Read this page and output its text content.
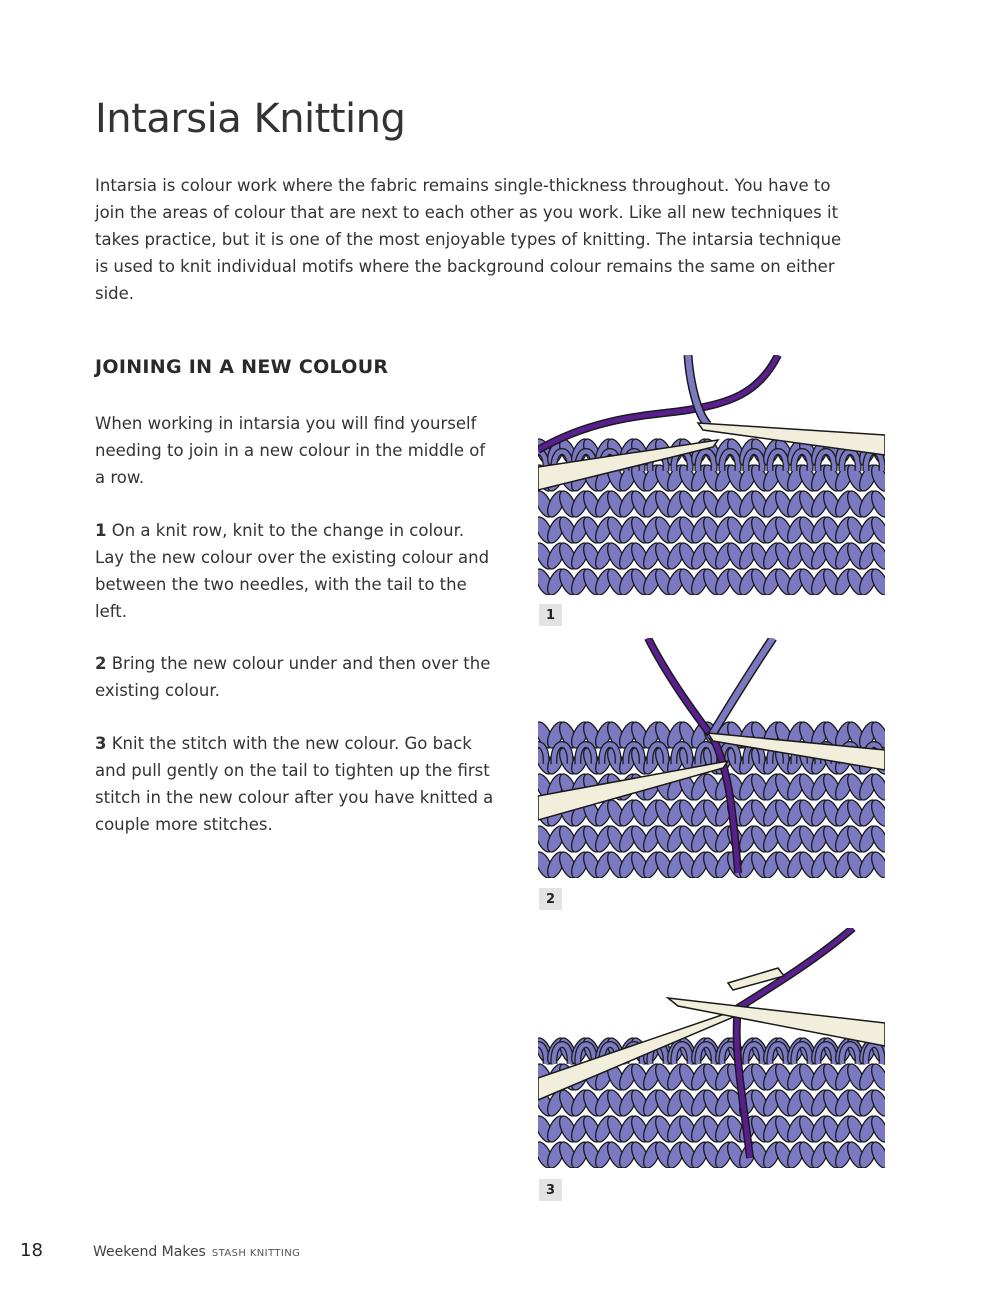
Intarsia Knitting

Intarsia is colour work where the fabric remains single-thickness throughout. You have to join the areas of colour that are next to each other as you work. Like all new techniques it takes practice, but it is one of the most enjoyable types of knitting. The intarsia technique is used to knit individual motifs where the background colour remains the same on either side.

JOINING IN A NEW COLOUR

When working in intarsia you will find yourself needing to join in a new colour in the middle of a row.

1 On a knit row, knit to the change in colour. Lay the new colour over the existing colour and between the two needles, with the tail to the left.

2 Bring the new colour under and then over the existing colour.

3 Knit the stitch with the new colour. Go back and pull gently on the tail to tighten up the first stitch in the new colour after you have knitted a couple more stitches.

1
2
3
18	Weekend Makes STASH KNITTING
